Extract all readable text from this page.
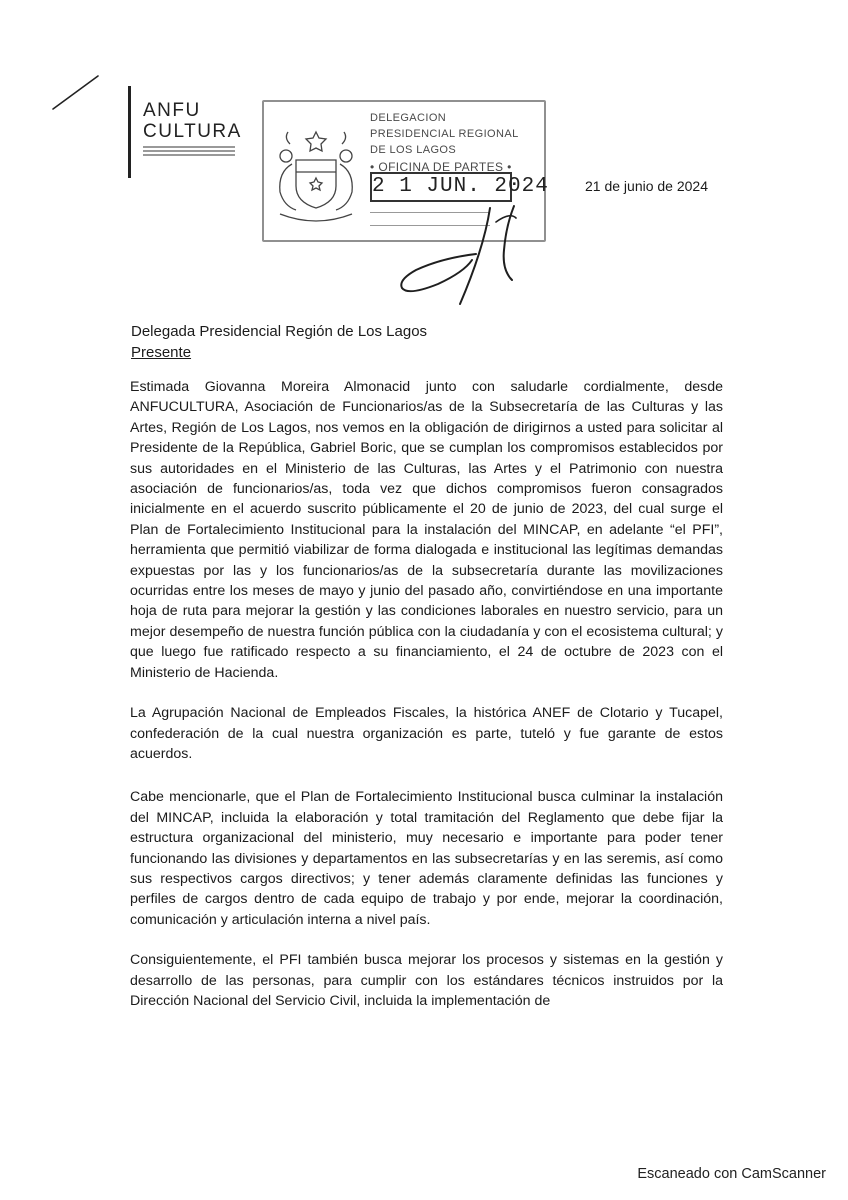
ANFU
CULTURA
DELEGACION
PRESIDENCIAL REGIONAL
DE LOS LAGOS
• OFICINA DE PARTES •
2 1 JUN. 2024	21 de junio de 2024
Delegada Presidencial Región de Los Lagos
Presente

Estimada Giovanna Moreira Almonacid junto con saludarle cordialmente, desde ANFUCULTURA, Asociación de Funcionarios/as de la Subsecretaría de las Culturas y las Artes, Región de Los Lagos, nos vemos en la obligación de dirigirnos a usted para solicitar al Presidente de la República, Gabriel Boric, que se cumplan los compromisos establecidos por sus autoridades en el Ministerio de las Culturas, las Artes y el Patrimonio con nuestra asociación de funcionarios/as, toda vez que dichos compromisos fueron consagrados inicialmente en el acuerdo suscrito públicamente el 20 de junio de 2023, del cual surge el Plan de Fortalecimiento Institucional para la instalación del MINCAP, en adelante “el PFI”, herramienta que permitió viabilizar de forma dialogada e institucional las legítimas demandas expuestas por las y los funcionarios/as de la subsecretaría durante las movilizaciones ocurridas entre los meses de mayo y junio del pasado año, convirtiéndose en una importante hoja de ruta para mejorar la gestión y las condiciones laborales en nuestro servicio, para un mejor desempeño de nuestra función pública con la ciudadanía y con el ecosistema cultural; y que luego fue ratificado respecto a su financiamiento, el 24 de octubre de 2023 con el Ministerio de Hacienda.

La Agrupación Nacional de Empleados Fiscales, la histórica ANEF de Clotario y Tucapel, confederación de la cual nuestra organización es parte, tuteló y fue garante de estos acuerdos.

Cabe mencionarle, que el Plan de Fortalecimiento Institucional busca culminar la instalación del MINCAP, incluida la elaboración y total tramitación del Reglamento que debe fijar la estructura organizacional del ministerio, muy necesario e importante para poder tener funcionando las divisiones y departamentos en las subsecretarías y en las seremis, así como sus respectivos cargos directivos; y tener además claramente definidas las funciones y perfiles de cargos dentro de cada equipo de trabajo y por ende, mejorar la coordinación, comunicación y articulación interna a nivel país.

Consiguientemente, el PFI también busca mejorar los procesos y sistemas en la gestión y desarrollo de las personas, para cumplir con los estándares técnicos instruidos por la Dirección Nacional del Servicio Civil, incluida la implementación de

Escaneado con CamScanner
